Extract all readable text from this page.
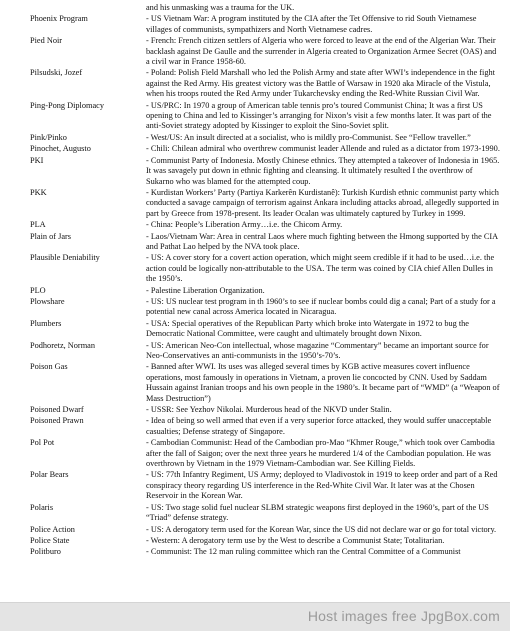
and his unmasking was a trauma for the UK.
Phoenix Program	- US Vietnam War: A program instituted by the CIA after the Tet Offensive to rid South Vietnamese villages of communists, sympathizers and North Vietnamese cadres.
Pied Noir	- French: French citizen settlers of Algeria who were forced to leave at the end of the Algerian War. Their backlash against De Gaulle and the surrender in Algeria created to Organization Armee Secret (OAS) and a civil war in France 1958-60.
Pilsudski, Jozef	- Poland: Polish Field Marshall who led the Polish Army and state after WWI’s independence in the fight against the Red Army. His greatest victory was the Battle of Warsaw in 1920 aka Miracle of the Vistula, when his troops routed the Red Army under Tukarchevsky ending the Red-White Russian Civil War.
Ping-Pong Diplomacy	- US/PRC: In 1970 a group of American table tennis pro’s toured Communist China; It was a first US opening to China and led to Kissinger’s arranging for Nixon’s visit a few months later. It was part of the anti-Soviet strategy adopted by Kissinger to exploit the Sino-Soviet split.
Pink/Pinko	- West/US: An insult directed at a socialist, who is mildly pro-Communist. See “Fellow traveller.”
Pinochet, Augusto	- Chili: Chilean admiral who overthrew communist leader Allende and ruled as a dictator from 1973-1990.
PKI	- Communist Party of Indonesia. Mostly Chinese ethnics. They attempted a takeover of Indonesia in 1965. It was savagely put down in ethnic fighting and cleansing. It ultimately resulted I the overthrow of Sukarno who was blamed for the attempted coup.
PKK	- Kurdistan Workers’ Party (Partiya Karkerên Kurdistanê): Turkish Kurdish ethnic communist party which conducted a savage campaign of terrorism against Ankara including attacks abroad, allegedly supported in part by Greece from 1978-present. Its leader Ocalan was ultimately captured by Turkey in 1999.
PLA	- China: People’s Liberation Army…i.e. the Chicom Army.
Plain of Jars	- Laos/Vietnam War: Area in central Laos where much fighting between the Hmong supported by the CIA and Pathat Lao helped by the NVA took place.
Plausible Deniability	- US: A cover story for a covert action operation, which might seem credible if it had to be used…i.e. the action could be logically non-attributable to the USA. The term was coined by CIA chief Allen Dulles in the 1950’s.
PLO	- Palestine Liberation Organization.
Plowshare	- US: US nuclear test program in th 1960’s to see if nuclear bombs could dig a canal; Part of a study for a potential new canal across America located in Nicaragua.
Plumbers	- USA: Special operatives of the Republican Party which broke into Watergate in 1972 to bug the Democratic National Committee, were caught and ultimately brought down Nixon.
Podhoretz, Norman	- US: American Neo-Con intellectual, whose magazine “Commentary” became an important source for Neo-Conservatives an anti-communists in the 1950’s-70’s.
Poison Gas	- Banned after WWI. Its uses was alleged several times by KGB active measures covert influence operations, most famously in operations in Vietnam, a proven lie concocted by CNN. Used by Saddam Hussain against Iranian troops and his own people in the 1980’s. It became part of “WMD” (a “Weapon of Mass Destruction”)
Poisoned Dwarf	- USSR: See Yezhov Nikolai. Murderous head of the NKVD under Stalin.
Poisoned Prawn	- Idea of being so well armed that even if a very superior force attacked, they would suffer unacceptable casualties; Defense strategy of Singapore.
Pol Pot	- Cambodian Communist: Head of the Cambodian pro-Mao “Khmer Rouge,” which took over Cambodia after the fall of Saigon; over the next three years he murdered 1/4 of the Cambodian population. He was overthrown by Vietnam in the 1979 Vietnam-Cambodian war. See Killing Fields.
Polar Bears	- US: 77th Infantry Regiment, US Army; deployed to Vladivostok in 1919 to keep order and part of a Red conspiracy theory regarding US interference in the Red-White Civil War. It later was at the Chosen Reservoir in the Korean War.
Polaris	- US: Two stage solid fuel nuclear SLBM strategic weapons first deployed in the 1960’s, part of the US “Triad” defense strategy.
Police Action	- US: A derogatory term used for the Korean War, since the US did not declare war or go for total victory.
Police State	- Western: A derogatory term use by the West to describe a Communist State; Totalitarian.
Politburo	- Communist: The 12 man ruling committee which ran the Central Committee of a Communist
Host images free JpgBox.com
